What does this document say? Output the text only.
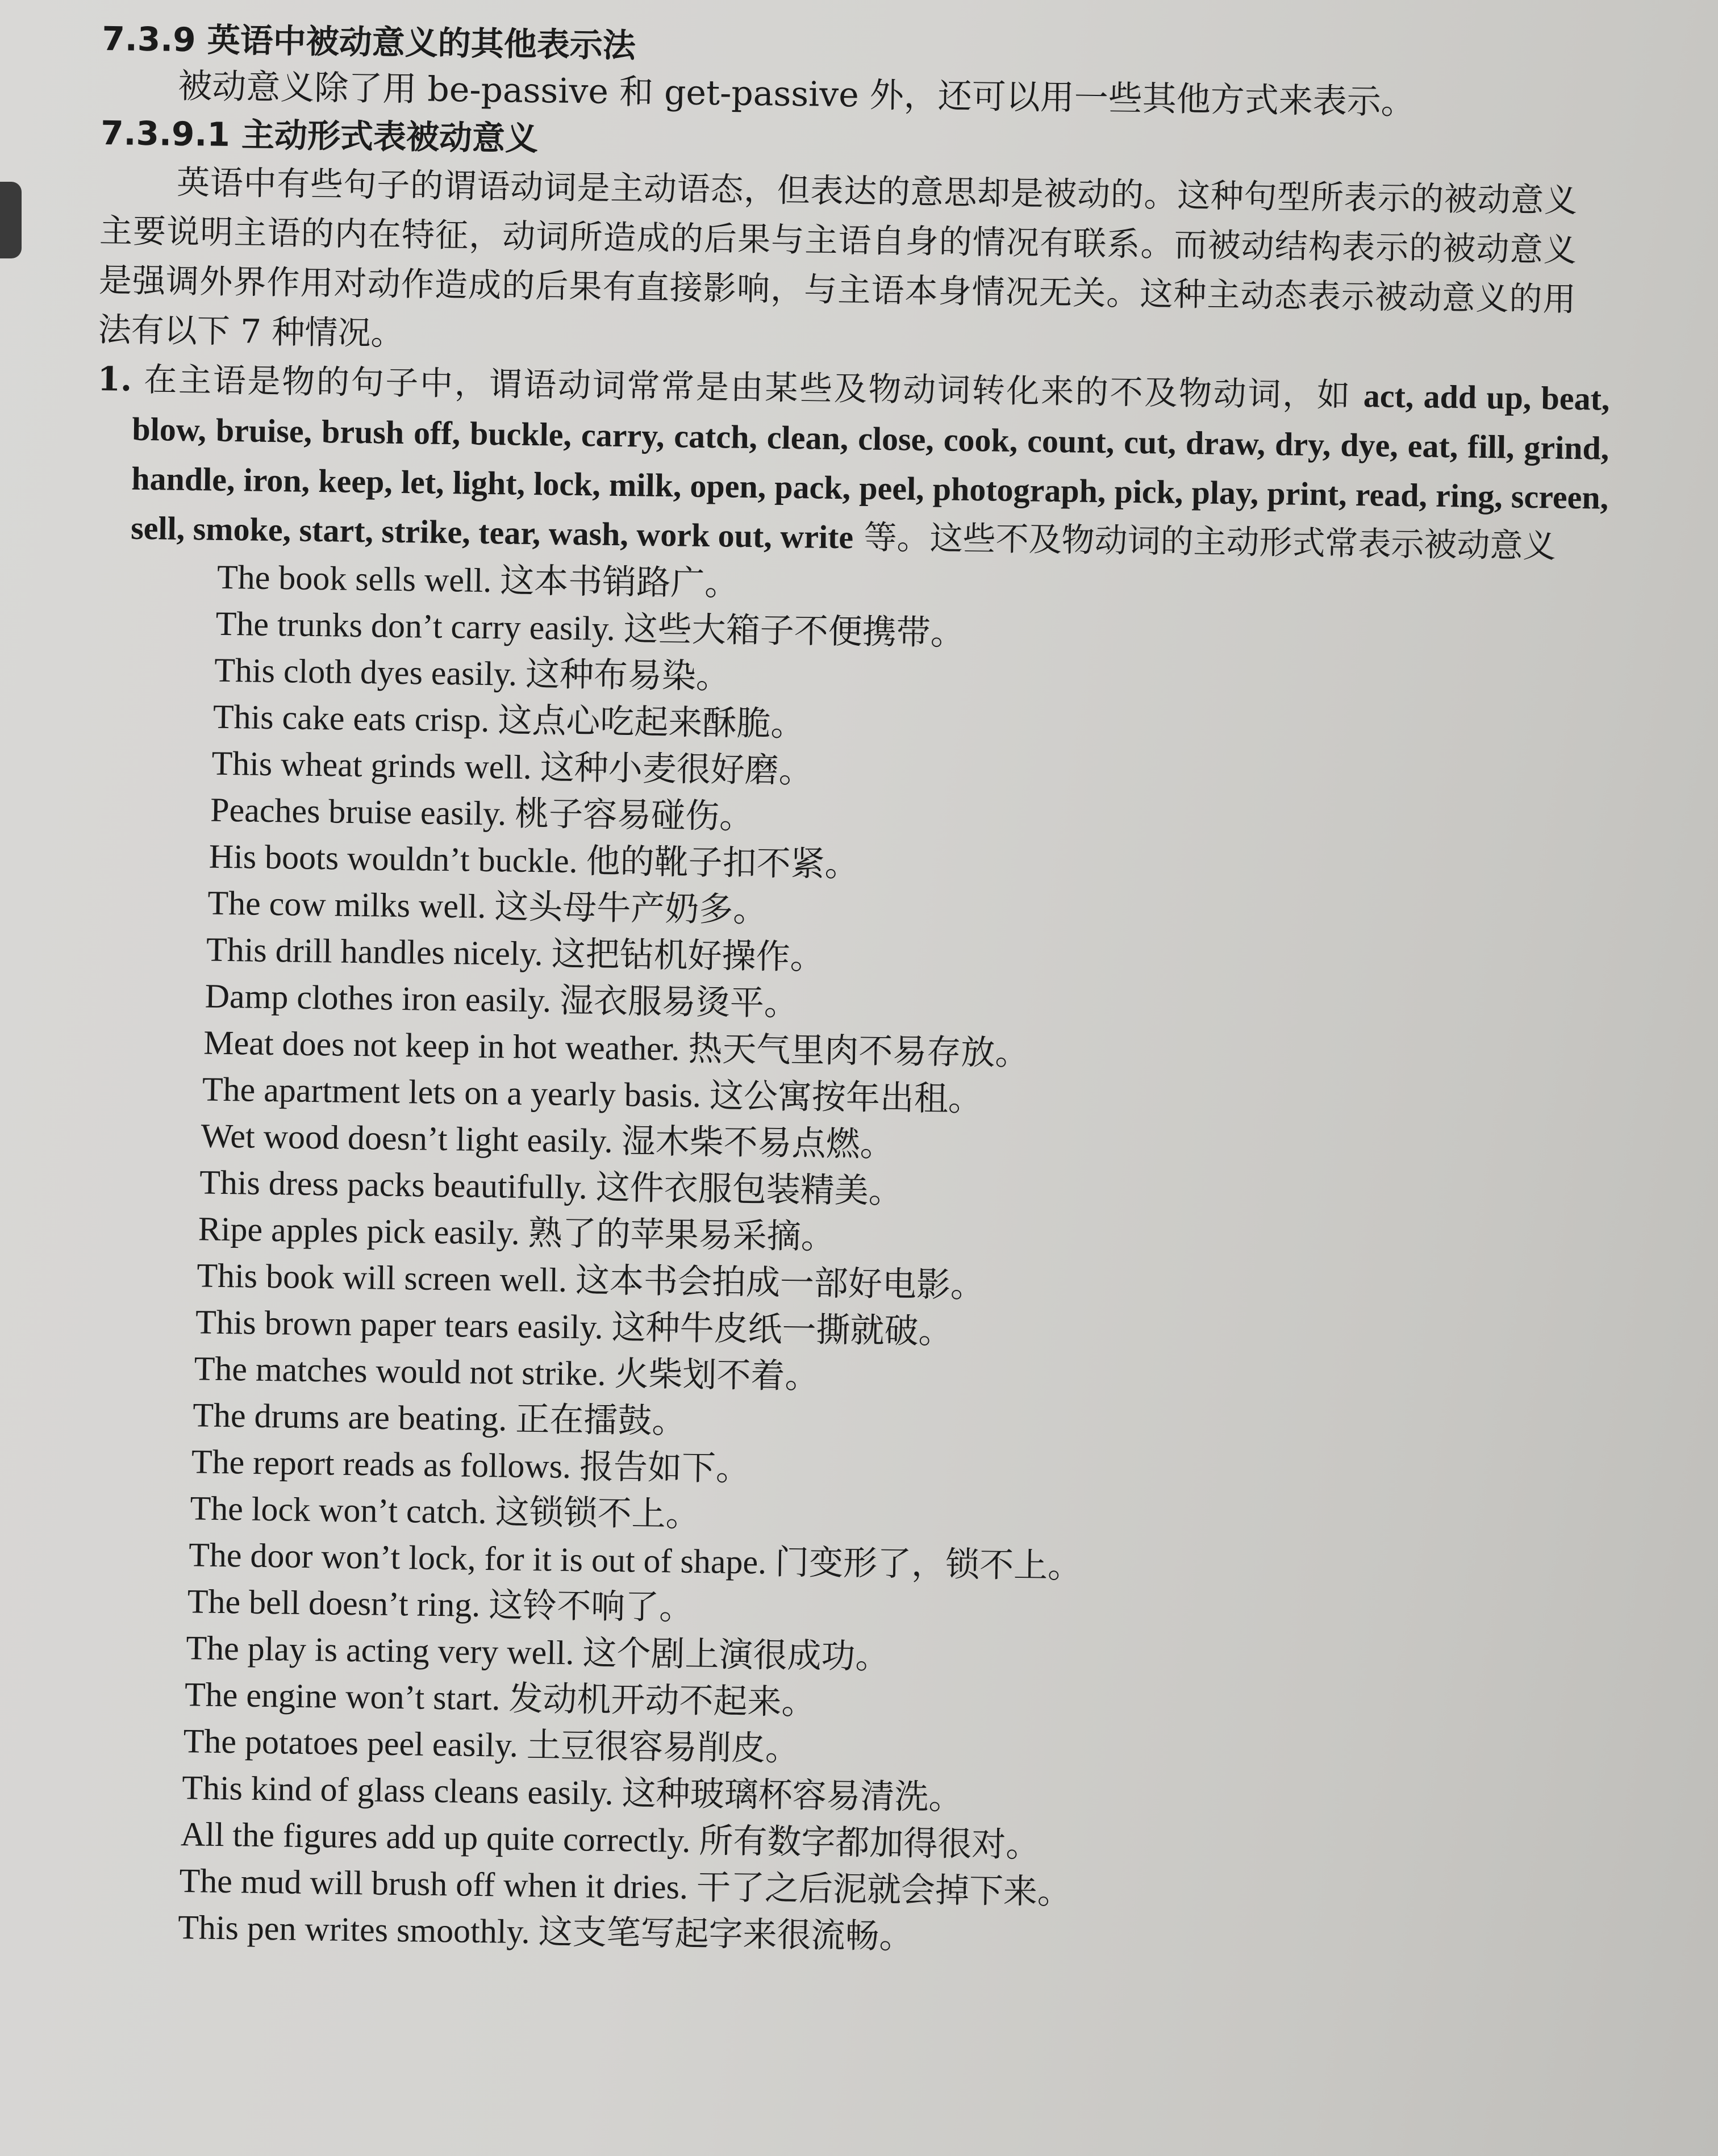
7.3.9 英语中被动意义的其他表示法

被动意义除了用 be-passive 和 get-passive 外，还可以用一些其他方式来表示。

7.3.9.1 主动形式表被动意义

英语中有些句子的谓语动词是主动语态，但表达的意思却是被动的。这种句型所表示的被动意义主要说明主语的内在特征，动词所造成的后果与主语自身的情况有联系。而被动结构表示的被动意义是强调外界作用对动作造成的后果有直接影响，与主语本身情况无关。这种主动态表示被动意义的用法有以下 7 种情况。

1. 在主语是物的句子中，谓语动词常常是由某些及物动词转化来的不及物动词，如 act, add up, beat, blow, bruise, brush off, buckle, carry, catch, clean, close, cook, count, cut, draw, dry, dye, eat, fill, grind, handle, iron, keep, let, light, lock, milk, open, pack, peel, photograph, pick, play, print, read, ring, screen, sell, smoke, start, strike, tear, wash, work out, write 等。这些不及物动词的主动形式常表示被动意义

The book sells well. 这本书销路广。
The trunks don’t carry easily. 这些大箱子不便携带。
This cloth dyes easily. 这种布易染。
This cake eats crisp. 这点心吃起来酥脆。
This wheat grinds well. 这种小麦很好磨。
Peaches bruise easily. 桃子容易碰伤。
His boots wouldn’t buckle. 他的靴子扣不紧。
The cow milks well. 这头母牛产奶多。
This drill handles nicely. 这把钻机好操作。
Damp clothes iron easily. 湿衣服易烫平。
Meat does not keep in hot weather. 热天气里肉不易存放。
The apartment lets on a yearly basis. 这公寓按年出租。
Wet wood doesn’t light easily. 湿木柴不易点燃。
This dress packs beautifully. 这件衣服包装精美。
Ripe apples pick easily. 熟了的苹果易采摘。
This book will screen well. 这本书会拍成一部好电影。
This brown paper tears easily. 这种牛皮纸一撕就破。
The matches would not strike. 火柴划不着。
The drums are beating. 正在擂鼓。
The report reads as follows. 报告如下。
The lock won’t catch. 这锁锁不上。
The door won’t lock, for it is out of shape. 门变形了，锁不上。
The bell doesn’t ring. 这铃不响了。
The play is acting very well. 这个剧上演很成功。
The engine won’t start. 发动机开动不起来。
The potatoes peel easily. 土豆很容易削皮。
This kind of glass cleans easily. 这种玻璃杯容易清洗。
All the figures add up quite correctly. 所有数字都加得很对。
The mud will brush off when it dries. 干了之后泥就会掉下来。
This pen writes smoothly. 这支笔写起字来很流畅。
